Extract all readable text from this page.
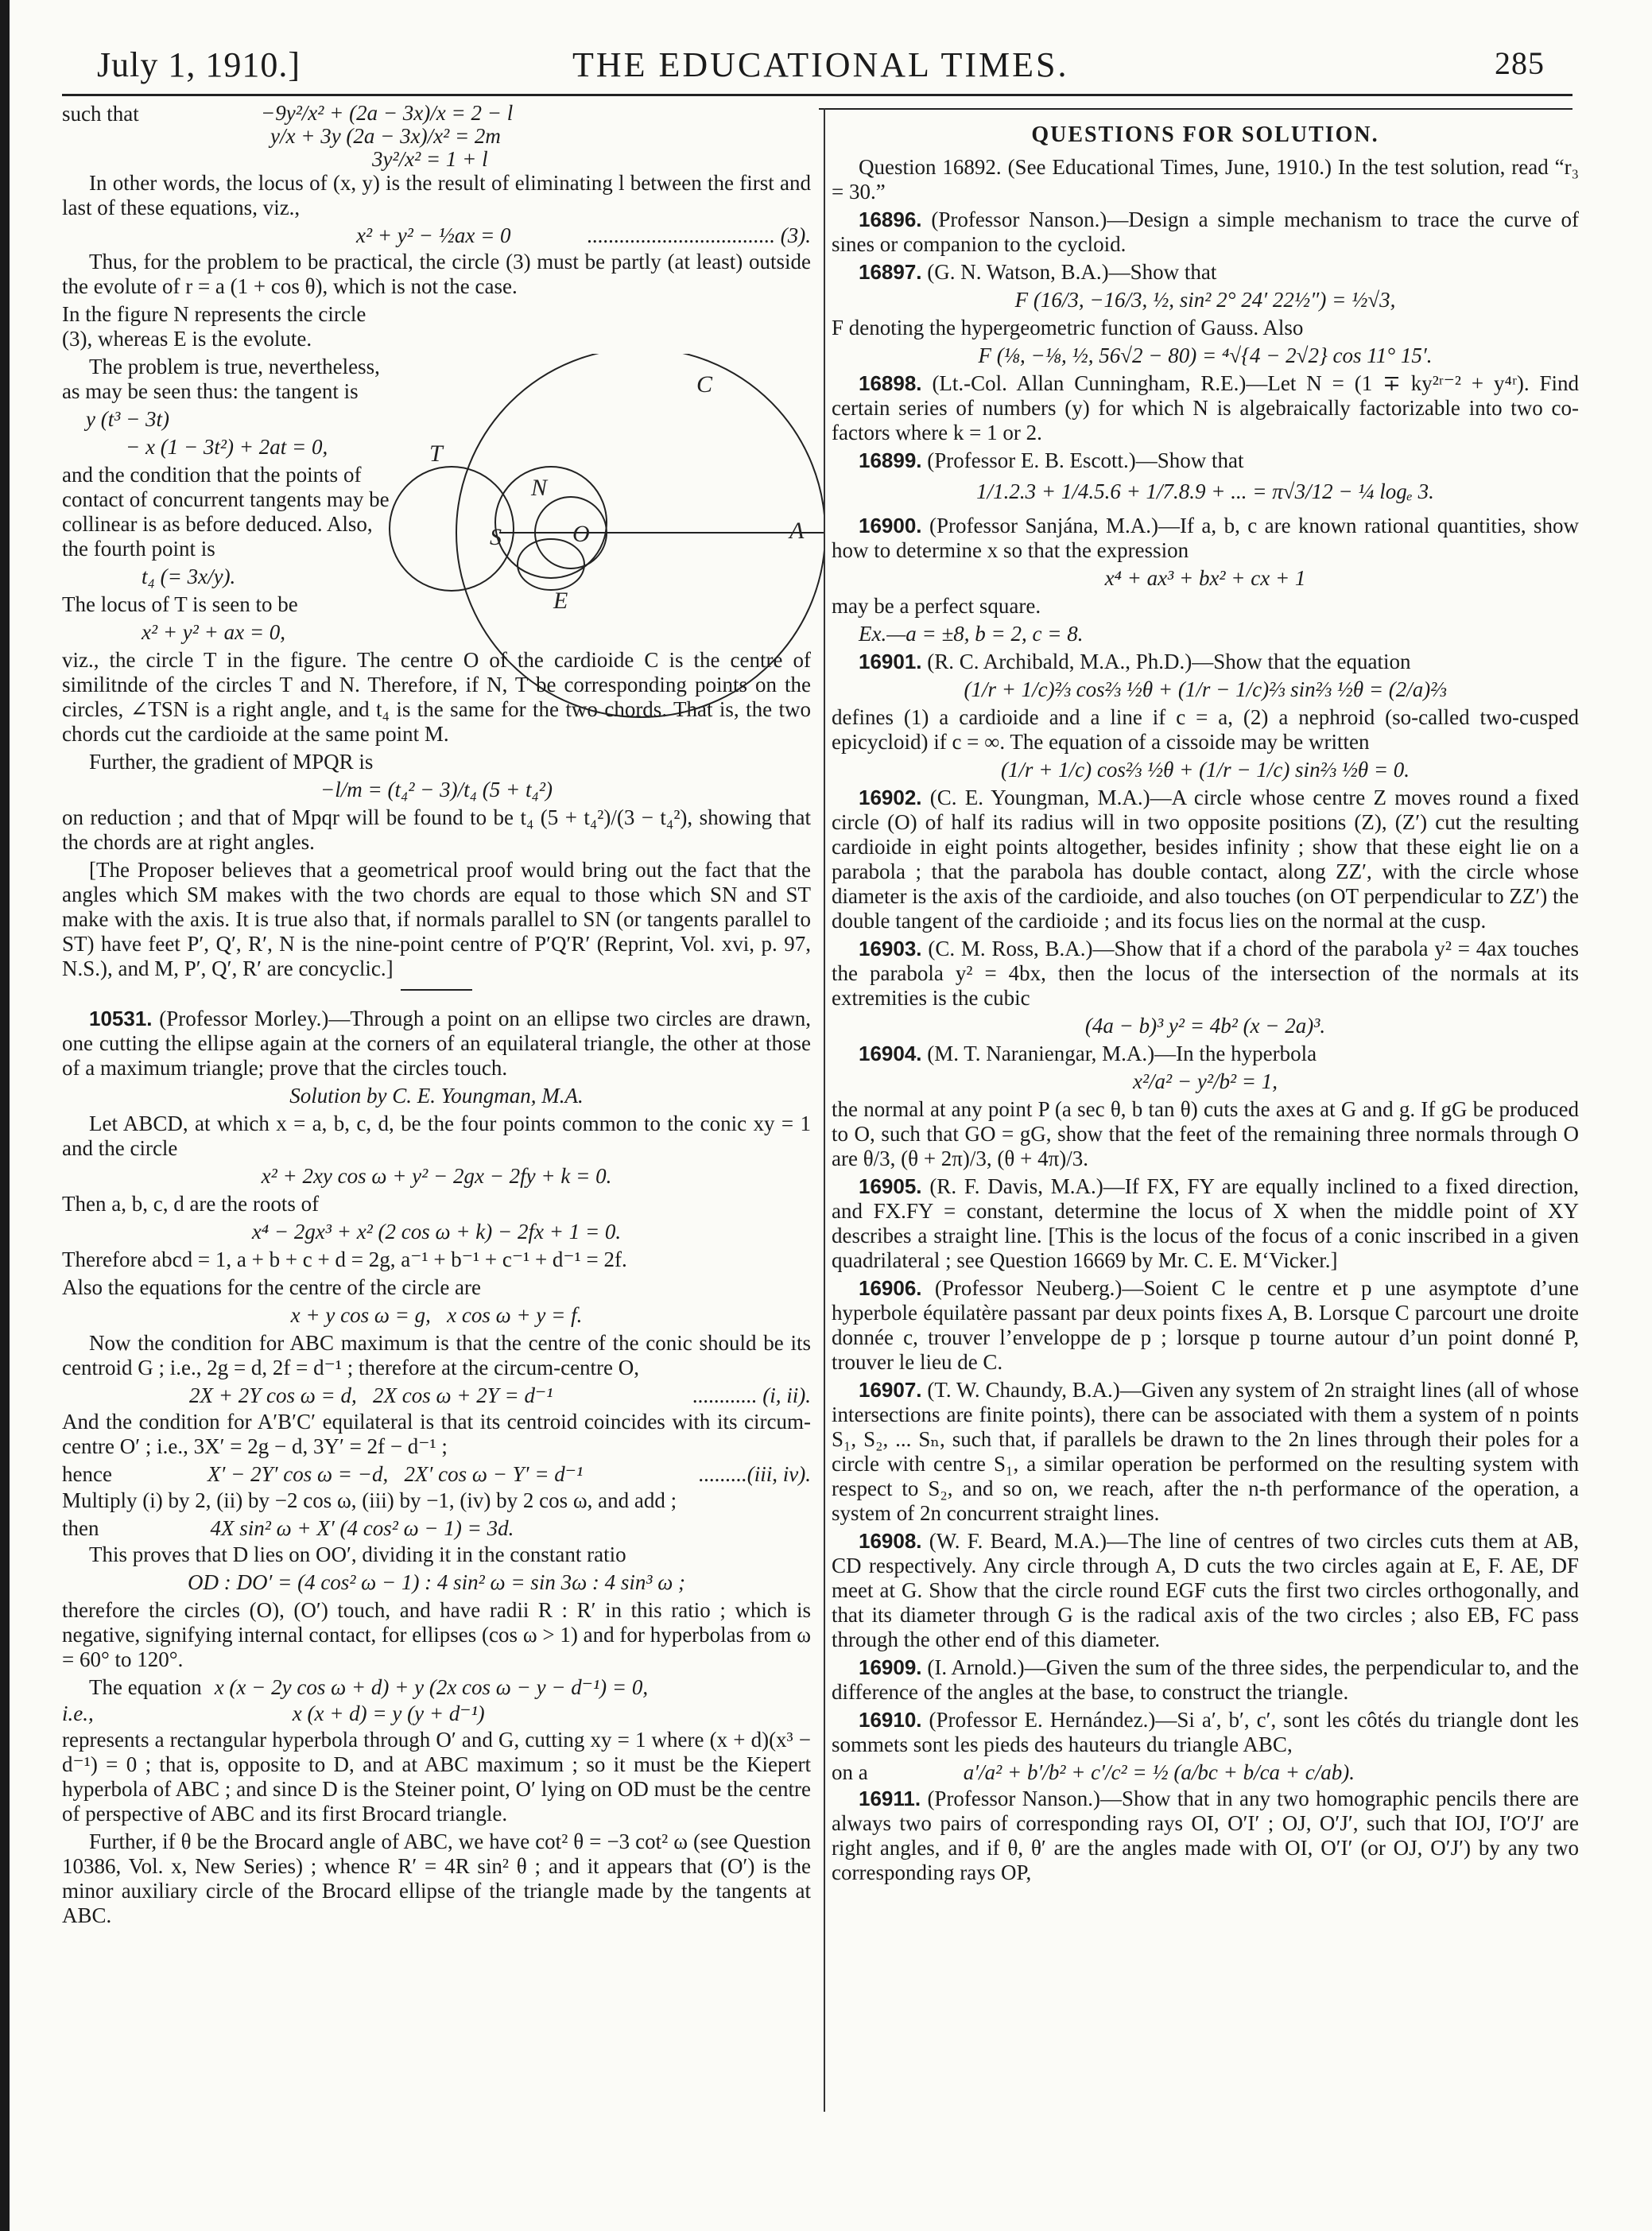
July 1, 1910.]	THE EDUCATIONAL TIMES.	285
such that	−9y²/x² + (2a − 3x)/x = 2 − l
y/x + 3y (2a − 3x)/x² = 2m
3y²/x² = 1 + l

In other words, the locus of (x, y) is the result of eliminating l between the first and last of these equations, viz.,

x² + y² − ½ax = 0	................................... (3).

Thus, for the problem to be practical, the circle (3) must be partly (at least) outside the evolute of r = a (1 + cos θ), which is not the case.

In the figure N represents the circle (3), whereas E is the evolute.

The problem is true, nevertheless, as may be seen thus: the tangent is

y (t³ − 3t)
− x (1 − 3t²) + 2at = 0,

and the condition that the points of contact of concurrent tangents may be collinear is as before deduced. Also, the fourth point is

t₄ (= 3x/y).

The locus of T is seen to be

x² + y² + ax = 0,

viz., the circle T in the figure. The centre O of the cardioide C is the centre of similitnde of the circles T and N. Therefore, if N, T be corresponding points on the circles, ∠TSN is a right angle, and t₄ is the same for the two chords. That is, the two chords cut the cardioide at the same point M.

Further, the gradient of MPQR is

−l/m = (t₄² − 3)/t₄ (5 + t₄²)

on reduction ; and that of Mpqr will be found to be t₄ (5 + t₄²)/(3 − t₄²), showing that the chords are at right angles.

[The Proposer believes that a geometrical proof would bring out the fact that the angles which SM makes with the two chords are equal to those which SN and ST make with the axis. It is true also that, if normals parallel to SN (or tangents parallel to ST) have feet P′, Q′, R′, N is the nine-point centre of P′Q′R′ (Reprint, Vol. xvi, p. 97, N.S.), and M, P′, Q′, R′ are concyclic.]

10531. (Professor Morley.)—Through a point on an ellipse two circles are drawn, one cutting the ellipse again at the corners of an equilateral triangle, the other at those of a maximum triangle; prove that the circles touch.

Solution by C. E. Youngman, M.A.

Let ABCD, at which x = a, b, c, d, be the four points common to the conic xy = 1 and the circle

x² + 2xy cos ω + y² − 2gx − 2fy + k = 0.

Then a, b, c, d are the roots of

x⁴ − 2gx³ + x² (2 cos ω + k) − 2fx + 1 = 0.

Therefore abcd = 1, a + b + c + d = 2g, a⁻¹ + b⁻¹ + c⁻¹ + d⁻¹ = 2f.

Also the equations for the centre of the circle are

x + y cos ω = g,   x cos ω + y = f.

Now the condition for ABC maximum is that the centre of the conic should be its centroid G ; i.e., 2g = d, 2f = d⁻¹ ; therefore at the circum-centre O,

2X + 2Y cos ω = d,   2X cos ω + 2Y = d⁻¹	............ (i, ii).

And the condition for A′B′C′ equilateral is that its centroid coincides with its circum-centre O′ ; i.e., 3X′ = 2g − d, 3Y′ = 2f − d⁻¹ ;

hence	X′ − 2Y′ cos ω = −d,   2X′ cos ω − Y′ = d⁻¹	.........(iii, iv).

Multiply (i) by 2, (ii) by −2 cos ω, (iii) by −1, (iv) by 2 cos ω, and add ;

then	4X sin² ω + X′ (4 cos² ω − 1) = 3d.

This proves that D lies on OO′, dividing it in the constant ratio

OD : DO′ = (4 cos² ω − 1) : 4 sin² ω = sin 3ω : 4 sin³ ω ;

therefore the circles (O), (O′) touch, and have radii R : R′ in this ratio ; which is negative, signifying internal contact, for ellipses (cos ω > 1) and for hyperbolas from ω = 60° to 120°.

The equation x (x − 2y cos ω + d) + y (2x cos ω − y − d⁻¹) = 0,
i.e.,	x (x + d) = y (y + d⁻¹)

represents a rectangular hyperbola through O′ and G, cutting xy = 1 where (x + d)(x³ − d⁻¹) = 0 ; that is, opposite to D, and at ABC maximum ; so it must be the Kiepert hyperbola of ABC ; and since D is the Steiner point, O′ lying on OD must be the centre of perspective of ABC and its first Brocard triangle.

Further, if θ be the Brocard angle of ABC, we have cot² θ = −3 cot² ω (see Question 10386, Vol. x, New Series) ; whence R′ = 4R sin² θ ; and it appears that (O′) is the minor auxiliary circle of the Brocard ellipse of the triangle made by the tangents at ABC.

C
T
N
S	O	A
E
QUESTIONS FOR SOLUTION.

Question 16892. (See Educational Times, June, 1910.) In the test solution, read “r₃ = 30.”

16896. (Professor Nanson.)—Design a simple mechanism to trace the curve of sines or companion to the cycloid.

16897. (G. N. Watson, B.A.)—Show that

F (16/3, −16/3, ½, sin² 2° 24′ 22½″) = ½√3,

F denoting the hypergeometric function of Gauss. Also

F (⅛, −⅛, ½, 56√2 − 80) = ⁴√{4 − 2√2} cos 11° 15′.

16898. (Lt.-Col. Allan Cunningham, R.E.)—Let N = (1 ∓ ky²ʳ⁻² + y⁴ʳ). Find certain series of numbers (y) for which N is algebraically factorizable into two co-factors where k = 1 or 2.

16899. (Professor E. B. Escott.)—Show that

1/1.2.3 + 1/4.5.6 + 1/7.8.9 + ... = π√3/12 − ¼ logₑ 3.

16900. (Professor Sanjána, M.A.)—If a, b, c are known rational quantities, show how to determine x so that the expression

x⁴ + ax³ + bx² + cx + 1

may be a perfect square.

Ex.—a = ±8, b = 2, c = 8.

16901. (R. C. Archibald, M.A., Ph.D.)—Show that the equation

(1/r + 1/c)⅔ cos⅔ ½θ + (1/r − 1/c)⅔ sin⅔ ½θ = (2/a)⅔

defines (1) a cardioide and a line if c = a, (2) a nephroid (so-called two-cusped epicycloid) if c = ∞. The equation of a cissoide may be written

(1/r + 1/c) cos⅔ ½θ + (1/r − 1/c) sin⅔ ½θ = 0.

16902. (C. E. Youngman, M.A.)—A circle whose centre Z moves round a fixed circle (O) of half its radius will in two opposite positions (Z), (Z′) cut the resulting cardioide in eight points altogether, besides infinity ; show that these eight lie on a parabola ; that the parabola has double contact, along ZZ′, with the circle whose diameter is the axis of the cardioide, and also touches (on OT perpendicular to ZZ′) the double tangent of the cardioide ; and its focus lies on the normal at the cusp.

16903. (C. M. Ross, B.A.)—Show that if a chord of the parabola y² = 4ax touches the parabola y² = 4bx, then the locus of the intersection of the normals at its extremities is the cubic

(4a − b)³ y² = 4b² (x − 2a)³.

16904. (M. T. Naraniengar, M.A.)—In the hyperbola

x²/a² − y²/b² = 1,

the normal at any point P (a sec θ, b tan θ) cuts the axes at G and g. If gG be produced to O, such that GO = gG, show that the feet of the remaining three normals through O are θ/3, (θ + 2π)/3, (θ + 4π)/3.

16905. (R. F. Davis, M.A.)—If FX, FY are equally inclined to a fixed direction, and FX.FY = constant, determine the locus of X when the middle point of XY describes a straight line. [This is the locus of the focus of a conic inscribed in a given quadrilateral ; see Question 16669 by Mr. C. E. M‘Vicker.]

16906. (Professor Neuberg.)—Soient C le centre et p une asymptote d’une hyperbole équilatère passant par deux points fixes A, B. Lorsque C parcourt une droite donnée c, trouver l’enveloppe de p ; lorsque p tourne autour d’un point donné P, trouver le lieu de C.

16907. (T. W. Chaundy, B.A.)—Given any system of 2n straight lines (all of whose intersections are finite points), there can be associated with them a system of n points S₁, S₂, ... Sₙ, such that, if parallels be drawn to the 2n lines through their poles for a circle with centre S₁, a similar operation be performed on the resulting system with respect to S₂, and so on, we reach, after the n-th performance of the operation, a system of 2n concurrent straight lines.

16908. (W. F. Beard, M.A.)—The line of centres of two circles cuts them at AB, CD respectively. Any circle through A, D cuts the two circles again at E, F. AE, DF meet at G. Show that the circle round EGF cuts the first two circles orthogonally, and that its diameter through G is the radical axis of the two circles ; also EB, FC pass through the other end of this diameter.

16909. (I. Arnold.)—Given the sum of the three sides, the perpendicular to, and the difference of the angles at the base, to construct the triangle.

16910. (Professor E. Hernández.)—Si a′, b′, c′, sont les côtés du triangle dont les sommets sont les pieds des hauteurs du triangle ABC,

on a	a′/a² + b′/b² + c′/c² = ½ (a/bc + b/ca + c/ab).

16911. (Professor Nanson.)—Show that in any two homographic pencils there are always two pairs of corresponding rays OI, O′I′ ; OJ, O′J′, such that IOJ, I′O′J′ are right angles, and if θ, θ′ are the angles made with OI, O′I′ (or OJ, O′J′) by any two corresponding rays OP,
